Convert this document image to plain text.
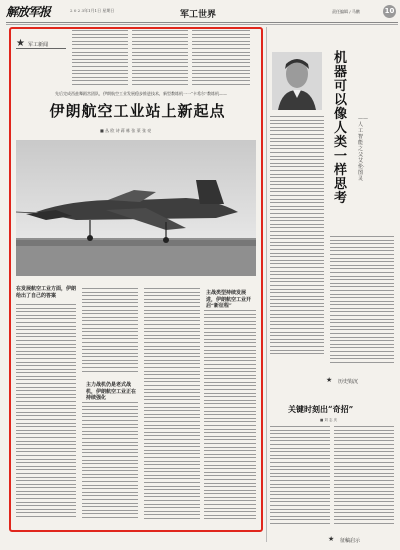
解放军报	2 0 2 3年1月1日 星期日	军工世界	责任编辑 / 马鹏	10
★ 军工新闻
先后完成西兹舞蹈宫团队，伊朗航空工业发展稳步推进技术，新型教练机一一“卡希尔”教练机——
伊朗航空工业站上新起点
■ 丛 欧 诗 蒋 栋 张 莱 张 亮
在发展航空工业方面，伊朗给出了自己的答案
主力战机仍是老式战机，伊朗航空工业正在持续强化
主战类型持续发展进，伊朗航空工业开启“新征程”
机器可以像人类一样思考
—— 人工智能之父艾伦·图灵
★ 历史钩沉
关键时刻出“奇招”
■ 刘 志 庆
★ 征稿启示
